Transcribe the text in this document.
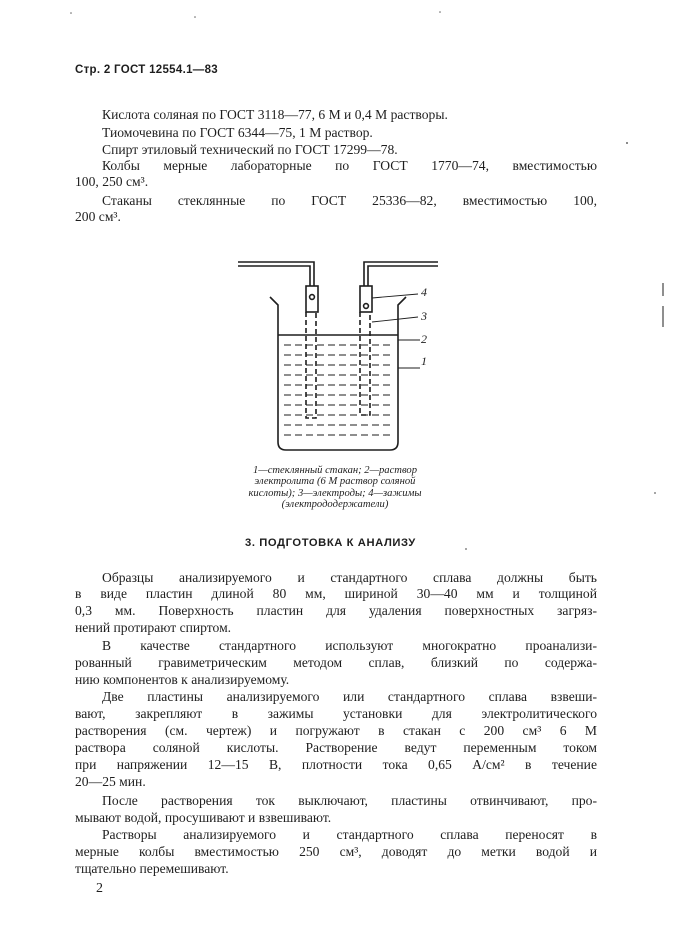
Стр. 2 ГОСТ 12554.1—83
Кислота соляная по ГОСТ 3118—77, 6 М и 0,4 М растворы.
Тиомочевина по ГОСТ 6344—75, 1 М раствор.
Спирт этиловый технический по ГОСТ 17299—78.
Колбы мерные лабораторные по ГОСТ 1770—74, вместимостью
100, 250 см³.
Стаканы стеклянные по ГОСТ 25336—82, вместимостью 100,
200 см³.
4
3
2
1
1—стеклянный стакан; 2—раствор
электролита (6 М раствор соляной
кислоты); 3—электроды; 4—зажимы
(электрододержатели)
3. ПОДГОТОВКА К АНАЛИЗУ
Образцы анализируемого и стандартного сплава должны быть
в виде пластин длиной 80 мм, шириной 30—40 мм и толщиной
0,3 мм. Поверхность пластин для удаления поверхностных загряз-
нений протирают спиртом.
В качестве стандартного используют многократно проанализи-
рованный гравиметрическим методом сплав, близкий по содержа-
нию компонентов к анализируемому.
Две пластины анализируемого или стандартного сплава взвеши-
вают, закрепляют в зажимы установки для электролитического
растворения (см. чертеж) и погружают в стакан с 200 см³ 6 М
раствора соляной кислоты. Растворение ведут переменным током
при напряжении 12—15 В, плотности тока 0,65 А/см² в течение
20—25 мин.
После растворения ток выключают, пластины отвинчивают, про-
мывают водой, просушивают и взвешивают.
Растворы анализируемого и стандартного сплава переносят в
мерные колбы вместимостью 250 см³, доводят до метки водой и
тщательно перемешивают.
2
